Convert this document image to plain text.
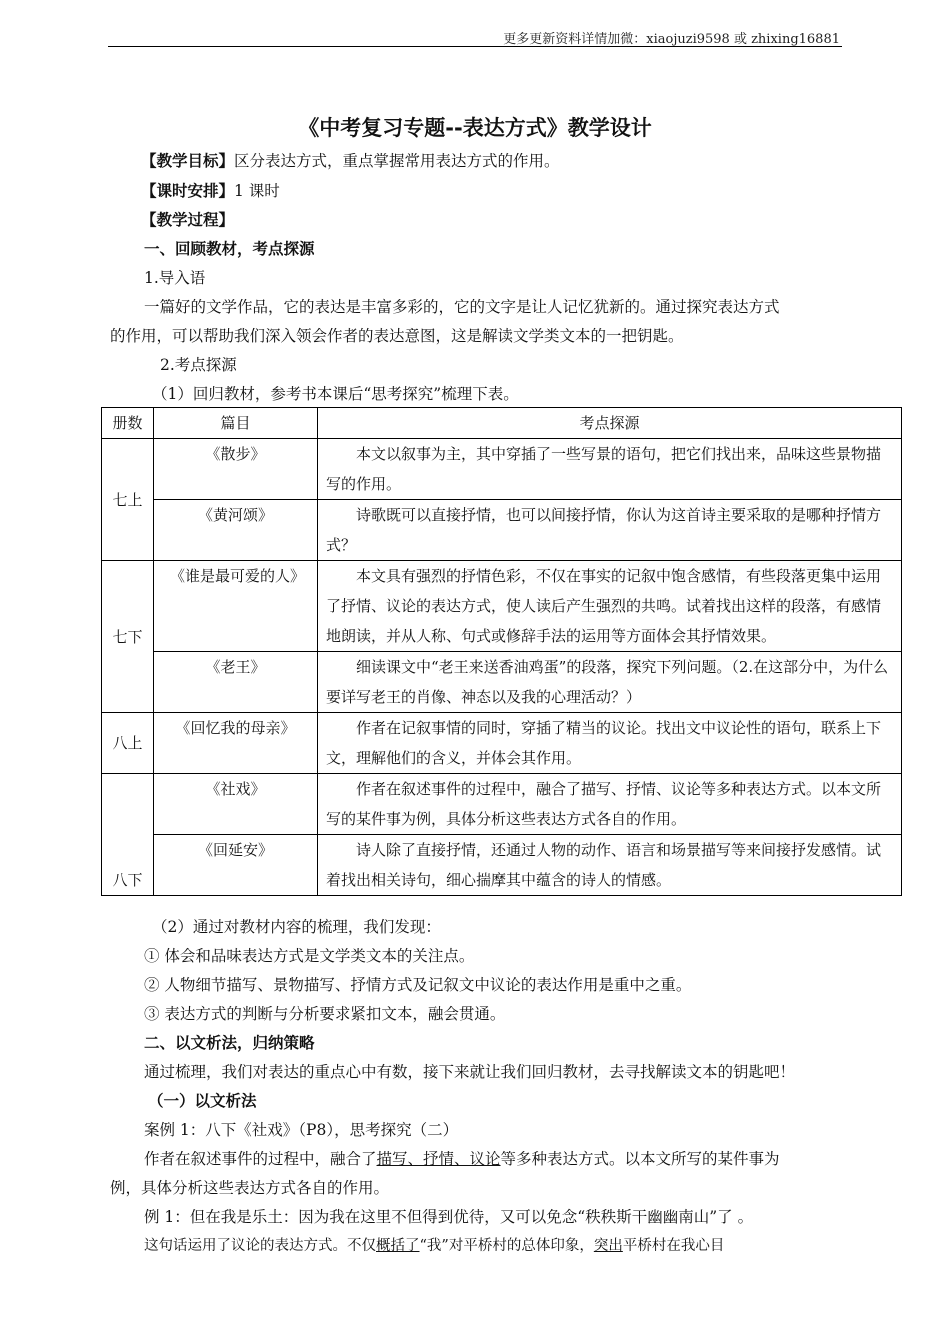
更多更新资料详情加微：xiaojuzi9598 或 zhixing16881
《中考复习专题--表达方式》教学设计
【教学目标】区分表达方式，重点掌握常用表达方式的作用。
【课时安排】1 课时
【教学过程】
一、回顾教材，考点探源
1.导入语
一篇好的文学作品，它的表达是丰富多彩的，它的文字是让人记忆犹新的。通过探究表达方式
的作用，可以帮助我们深入领会作者的表达意图，这是解读文学类文本的一把钥匙。
2.考点探源
（1）回归教材，参考书本课后“思考探究”梳理下表。
册数	篇目	考点探源
七上	《散步》	本文以叙事为主，其中穿插了一些写景的语句，把它们找出来，品味这些景物描写的作用。
	《黄河颂》	诗歌既可以直接抒情，也可以间接抒情，你认为这首诗主要采取的是哪种抒情方式？
七下	《谁是最可爱的人》	本文具有强烈的抒情色彩，不仅在事实的记叙中饱含感情，有些段落更集中运用了抒情、议论的表达方式，使人读后产生强烈的共鸣。试着找出这样的段落，有感情地朗读，并从人称、句式或修辞手法的运用等方面体会其抒情效果。
	《老王》	细读课文中“老王来送香油鸡蛋”的段落，探究下列问题。（2.在这部分中，为什么要详写老王的肖像、神态以及我的心理活动？）
八上	《回忆我的母亲》	作者在记叙事情的同时，穿插了精当的议论。找出文中议论性的语句，联系上下文，理解他们的含义，并体会其作用。
八下	《社戏》	作者在叙述事件的过程中，融合了描写、抒情、议论等多种表达方式。以本文所写的某件事为例，具体分析这些表达方式各自的作用。
	《回延安》	诗人除了直接抒情，还通过人物的动作、语言和场景描写等来间接抒发感情。试着找出相关诗句，细心揣摩其中蕴含的诗人的情感。
（2）通过对教材内容的梳理，我们发现：
① 体会和品味表达方式是文学类文本的关注点。
② 人物细节描写、景物描写、抒情方式及记叙文中议论的表达作用是重中之重。
③ 表达方式的判断与分析要求紧扣文本，融会贯通。
二、以文析法，归纳策略
通过梳理，我们对表达的重点心中有数，接下来就让我们回归教材，去寻找解读文本的钥匙吧！
（一）以文析法
案例 1：八下《社戏》（P8），思考探究（二）
作者在叙述事件的过程中，融合了描写、抒情、议论等多种表达方式。以本文所写的某件事为
例，具体分析这些表达方式各自的作用。
例 1：但在我是乐土：因为我在这里不但得到优待，又可以免念“秩秩斯干幽幽南山”了 。
这句话运用了议论的表达方式。不仅概括了“我”对平桥村的总体印象，突出平桥村在我心目
